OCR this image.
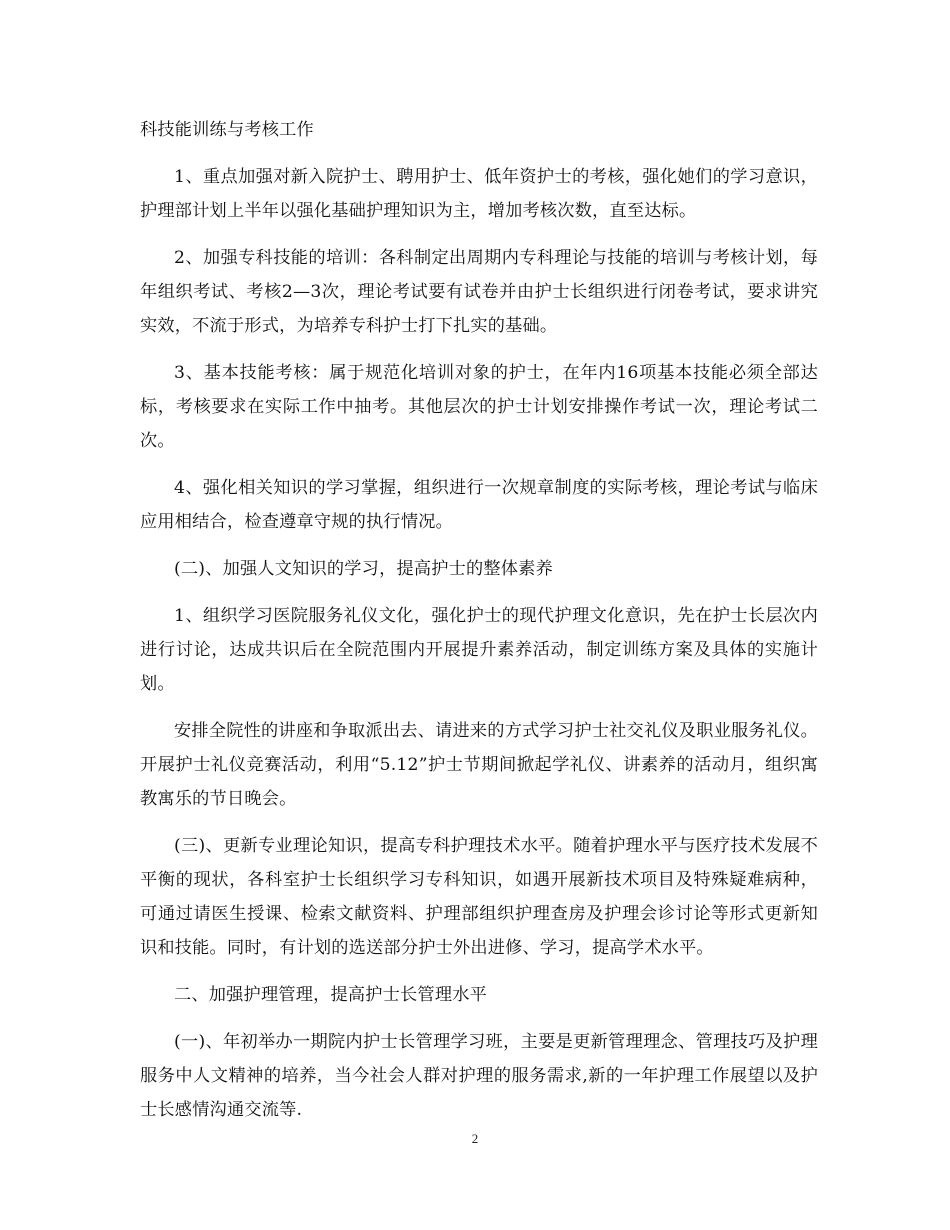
科技能训练与考核工作

1、重点加强对新入院护士、聘用护士、低年资护士的考核，强化她们的学习意识，护理部计划上半年以强化基础护理知识为主，增加考核次数，直至达标。

2、加强专科技能的培训：各科制定出周期内专科理论与技能的培训与考核计划，每年组织考试、考核2—3次，理论考试要有试卷并由护士长组织进行闭卷考试，要求讲究实效，不流于形式，为培养专科护士打下扎实的基础。

3、基本技能考核：属于规范化培训对象的护士，在年内16项基本技能必须全部达标，考核要求在实际工作中抽考。其他层次的护士计划安排操作考试一次，理论考试二次。

4、强化相关知识的学习掌握，组织进行一次规章制度的实际考核，理论考试与临床应用相结合，检查遵章守规的执行情况。

(二)、加强人文知识的学习，提高护士的整体素养

1、组织学习医院服务礼仪文化，强化护士的现代护理文化意识，先在护士长层次内进行讨论，达成共识后在全院范围内开展提升素养活动，制定训练方案及具体的实施计划。

安排全院性的讲座和争取派出去、请进来的方式学习护士社交礼仪及职业服务礼仪。开展护士礼仪竞赛活动，利用“5.12”护士节期间掀起学礼仪、讲素养的活动月，组织寓教寓乐的节日晚会。

(三)、更新专业理论知识，提高专科护理技术水平。随着护理水平与医疗技术发展不平衡的现状，各科室护士长组织学习专科知识，如遇开展新技术项目及特殊疑难病种，可通过请医生授课、检索文献资料、护理部组织护理查房及护理会诊讨论等形式更新知识和技能。同时，有计划的选送部分护士外出进修、学习，提高学术水平。

二、加强护理管理，提高护士长管理水平

(一)、年初举办一期院内护士长管理学习班，主要是更新管理理念、管理技巧及护理服务中人文精神的培养，当今社会人群对护理的服务需求,新的一年护理工作展望以及护士长感情沟通交流等.

2
